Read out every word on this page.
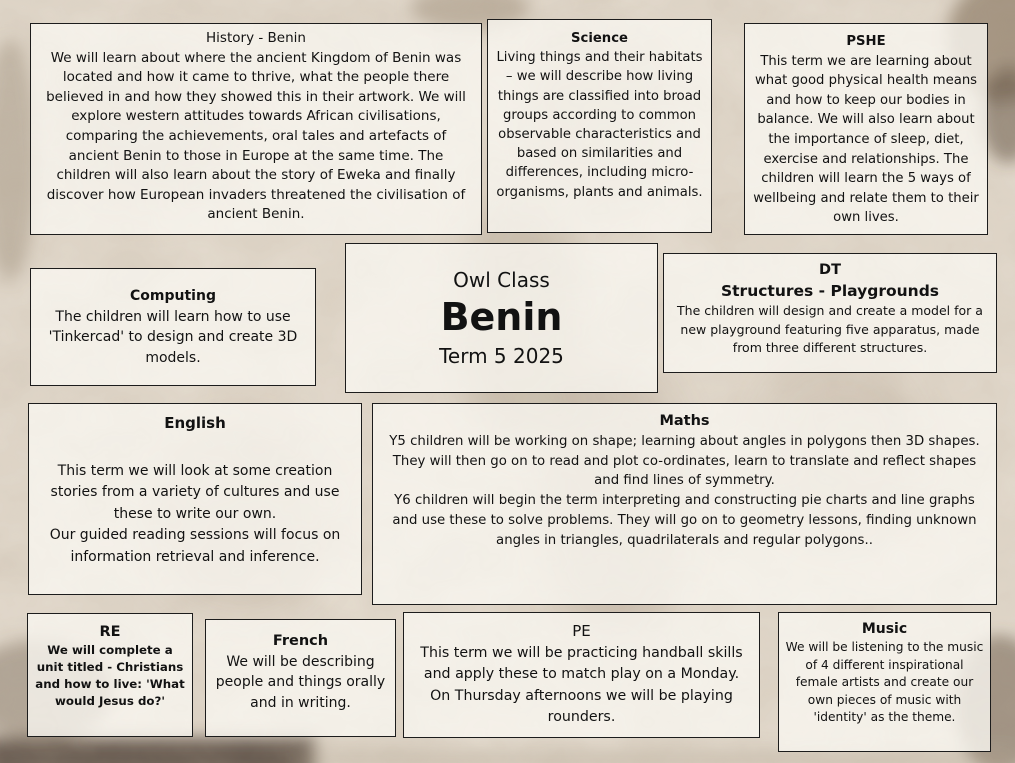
History - Benin
We will learn about where the ancient Kingdom of Benin was located and how it came to thrive, what the people there believed in and how they showed this in their artwork. We will explore western attitudes towards African civilisations, comparing the achievements, oral tales and artefacts of ancient Benin to those in Europe at the same time. The children will also learn about the story of Eweka and finally discover how European invaders threatened the civilisation of ancient Benin.
Science
Living things and their habitats – we will describe how living things are classified into broad groups according to common observable characteristics and based on similarities and differences, including micro-organisms, plants and animals.
PSHE
This term we are learning about what good physical health means and how to keep our bodies in balance. We will also learn about the importance of sleep, diet, exercise and relationships. The children will learn the 5 ways of wellbeing and relate them to their own lives.
Computing
The children will learn how to use 'Tinkercad' to design and create 3D models.
Owl Class
Benin
Term 5 2025
DT
Structures - Playgrounds
The children will design and create a model for a new playground featuring five apparatus, made from three different structures.
English
This term we will look at some creation stories from a variety of cultures and use these to write our own.
Our guided reading sessions will focus on information retrieval and inference.
Maths
Y5 children will be working on shape; learning about angles in polygons then 3D shapes. They will then go on to read and plot co-ordinates, learn to translate and reflect shapes and find lines of symmetry.
Y6 children will begin the term interpreting and constructing pie charts and line graphs and use these to solve problems. They will go on to geometry lessons, finding unknown angles in triangles, quadrilaterals and regular polygons..
RE
We will complete a unit titled - Christians and how to live: 'What would Jesus do?'
French
We will be describing people and things orally and in writing.
PE
This term we will be practicing handball skills and apply these to match play on a Monday. On Thursday afternoons we will be playing rounders.
Music
We will be listening to the music of 4 different inspirational female artists and create our own pieces of music with 'identity' as the theme.
